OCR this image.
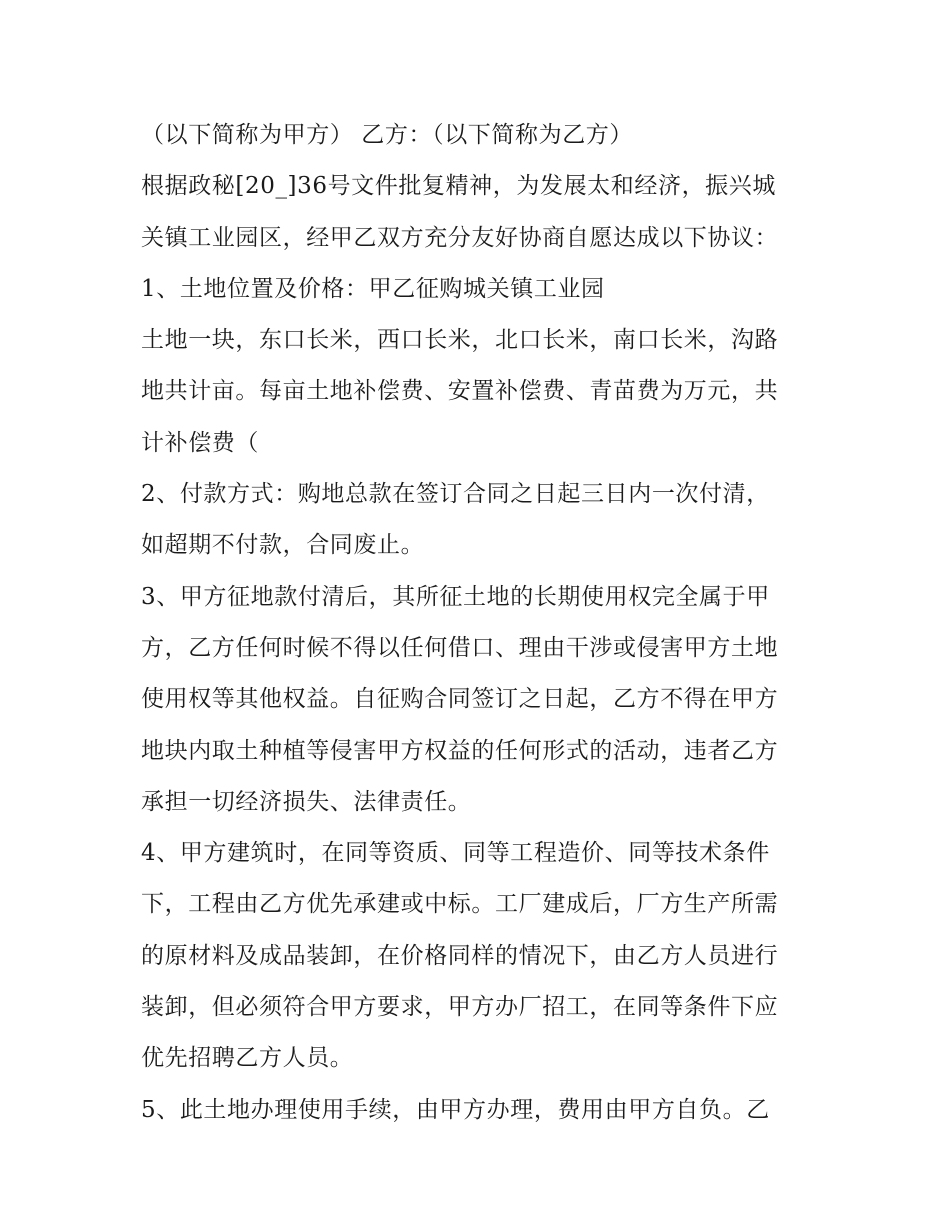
（以下简称为甲方） 乙方：（以下简称为乙方）
根据政秘[20_]36号文件批复精神，为发展太和经济，振兴城
关镇工业园区，经甲乙双方充分友好协商自愿达成以下协议：
1、土地位置及价格：甲乙征购城关镇工业园
土地一块，东口长米，西口长米，北口长米，南口长米，沟路
地共计亩。每亩土地补偿费、安置补偿费、青苗费为万元，共
计补偿费（
2、付款方式：购地总款在签订合同之日起三日内一次付清，
如超期不付款，合同废止。
3、甲方征地款付清后，其所征土地的长期使用权完全属于甲
方，乙方任何时候不得以任何借口、理由干涉或侵害甲方土地
使用权等其他权益。自征购合同签订之日起，乙方不得在甲方
地块内取土种植等侵害甲方权益的任何形式的活动，违者乙方
承担一切经济损失、法律责任。
4、甲方建筑时，在同等资质、同等工程造价、同等技术条件
下，工程由乙方优先承建或中标。工厂建成后，厂方生产所需
的原材料及成品装卸，在价格同样的情况下，由乙方人员进行
装卸，但必须符合甲方要求，甲方办厂招工，在同等条件下应
优先招聘乙方人员。
5、此土地办理使用手续，由甲方办理，费用由甲方自负。乙
